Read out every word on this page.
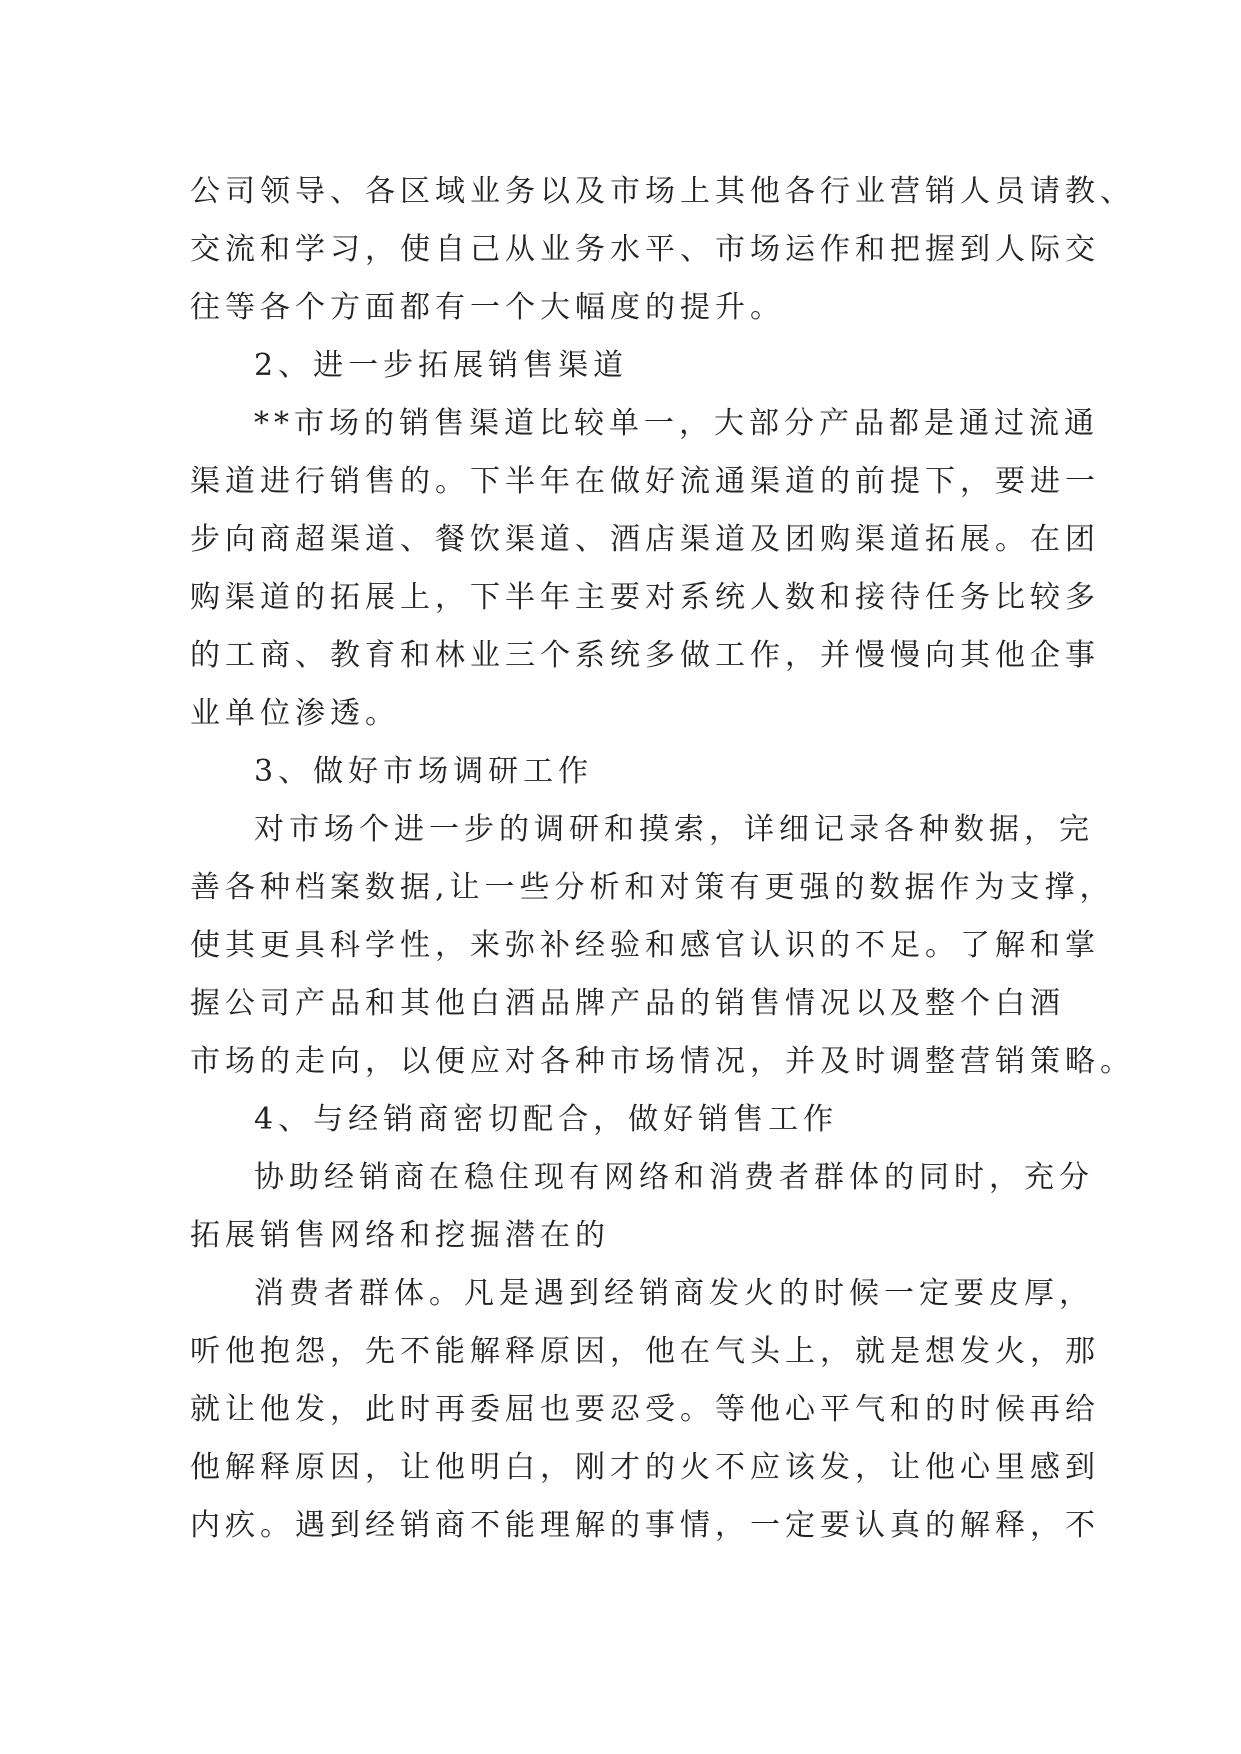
公司领导、各区域业务以及市场上其他各行业营销人员请教、
交流和学习，使自己从业务水平、市场运作和把握到人际交
往等各个方面都有一个大幅度的提升。
2、进一步拓展销售渠道
**市场的销售渠道比较单一，大部分产品都是通过流通
渠道进行销售的。下半年在做好流通渠道的前提下，要进一
步向商超渠道、餐饮渠道、酒店渠道及团购渠道拓展。在团
购渠道的拓展上，下半年主要对系统人数和接待任务比较多
的工商、教育和林业三个系统多做工作，并慢慢向其他企事
业单位渗透。
3、做好市场调研工作
对市场个进一步的调研和摸索，详细记录各种数据，完
善各种档案数据,让一些分析和对策有更强的数据作为支撑，
使其更具科学性，来弥补经验和感官认识的不足。了解和掌
握公司产品和其他白酒品牌产品的销售情况以及整个白酒
市场的走向，以便应对各种市场情况，并及时调整营销策略。
4、与经销商密切配合，做好销售工作
协助经销商在稳住现有网络和消费者群体的同时，充分
拓展销售网络和挖掘潜在的
消费者群体。凡是遇到经销商发火的时候一定要皮厚，
听他抱怨，先不能解释原因，他在气头上，就是想发火，那
就让他发，此时再委屈也要忍受。等他心平气和的时候再给
他解释原因，让他明白，刚才的火不应该发，让他心里感到
内疚。遇到经销商不能理解的事情，一定要认真的解释，不
